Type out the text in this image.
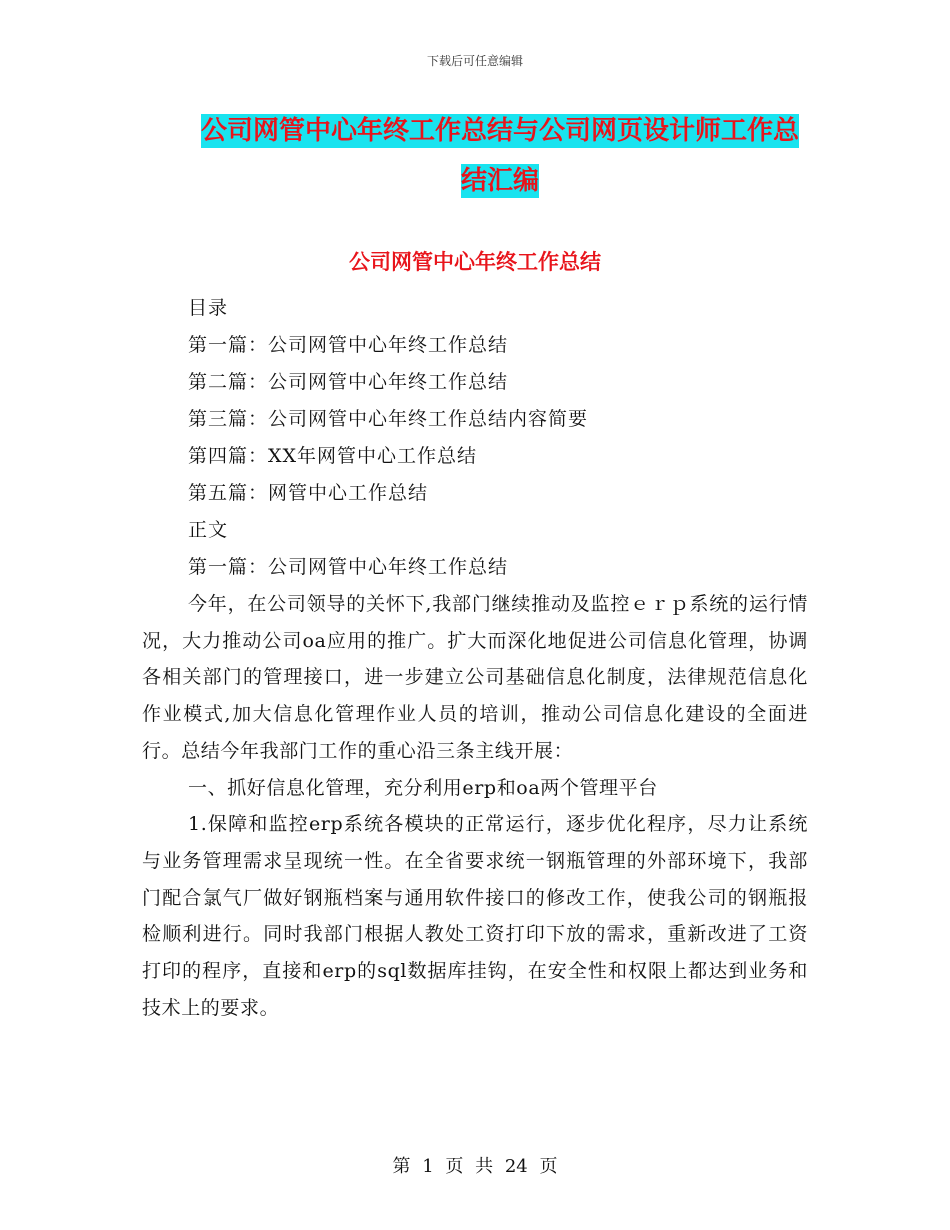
下载后可任意编辑
公司网管中心年终工作总结与公司网页设计师工作总
结汇编
公司网管中心年终工作总结
目录
第一篇：公司网管中心年终工作总结
第二篇：公司网管中心年终工作总结
第三篇：公司网管中心年终工作总结内容简要
第四篇：XX年网管中心工作总结
第五篇：网管中心工作总结
正文
第一篇：公司网管中心年终工作总结

今年，在公司领导的关怀下,我部门继续推动及监控ｅｒｐ系统的运行情况，大力推动公司oa应用的推广。扩大而深化地促进公司信息化管理，协调各相关部门的管理接口，进一步建立公司基础信息化制度，法律规范信息化作业模式,加大信息化管理作业人员的培训，推动公司信息化建设的全面进行。总结今年我部门工作的重心沿三条主线开展：

一、抓好信息化管理，充分利用erp和oa两个管理平台

1.保障和监控erp系统各模块的正常运行，逐步优化程序，尽力让系统与业务管理需求呈现统一性。在全省要求统一钢瓶管理的外部环境下，我部门配合氯气厂做好钢瓶档案与通用软件接口的修改工作，使我公司的钢瓶报检顺利进行。同时我部门根据人教处工资打印下放的需求，重新改进了工资打印的程序，直接和erp的sql数据库挂钩，在安全性和权限上都达到业务和技术上的要求。

第 1 页 共 24 页
